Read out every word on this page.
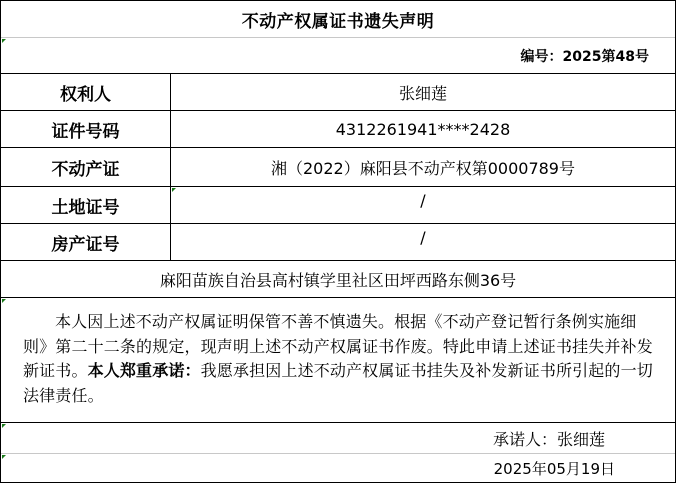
不动产权属证书遗失声明
编号：2025第48号
权利人	张细莲
证件号码	4312261941****2428
不动产证	湘（2022）麻阳县不动产权第0000789号
土地证号	/
房产证号	/
麻阳苗族自治县高村镇学里社区田坪西路东侧36号
本人因上述不动产权属证明保管不善不慎遗失。根据《不动产登记暂行条例实施细则》第二十二条的规定，现声明上述不动产权属证书作废。特此申请上述证书挂失并补发新证书。本人郑重承诺：我愿承担因上述不动产权属证书挂失及补发新证书所引起的一切法律责任。
承诺人：张细莲
2025年05月19日
